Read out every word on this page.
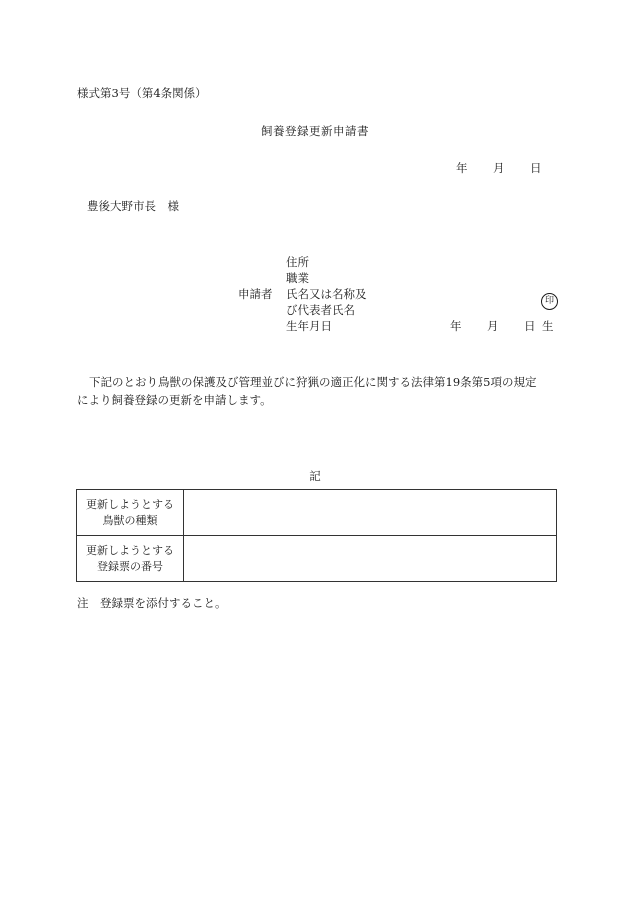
様式第3号（第4条関係）
飼養登録更新申請書
年 月 日
豊後大野市長　様
申請者
住所
職業
氏名又は名称及
び代表者氏名
生年月日
印
年 月 日 生

下記のとおり鳥獣の保護及び管理並びに狩猟の適正化に関する法律第19条第5項の規定

により飼養登録の更新を申請します。

記
更新しようとする
鳥獣の種類	

更新しようとする
登録票の番号	

注　登録票を添付すること。
